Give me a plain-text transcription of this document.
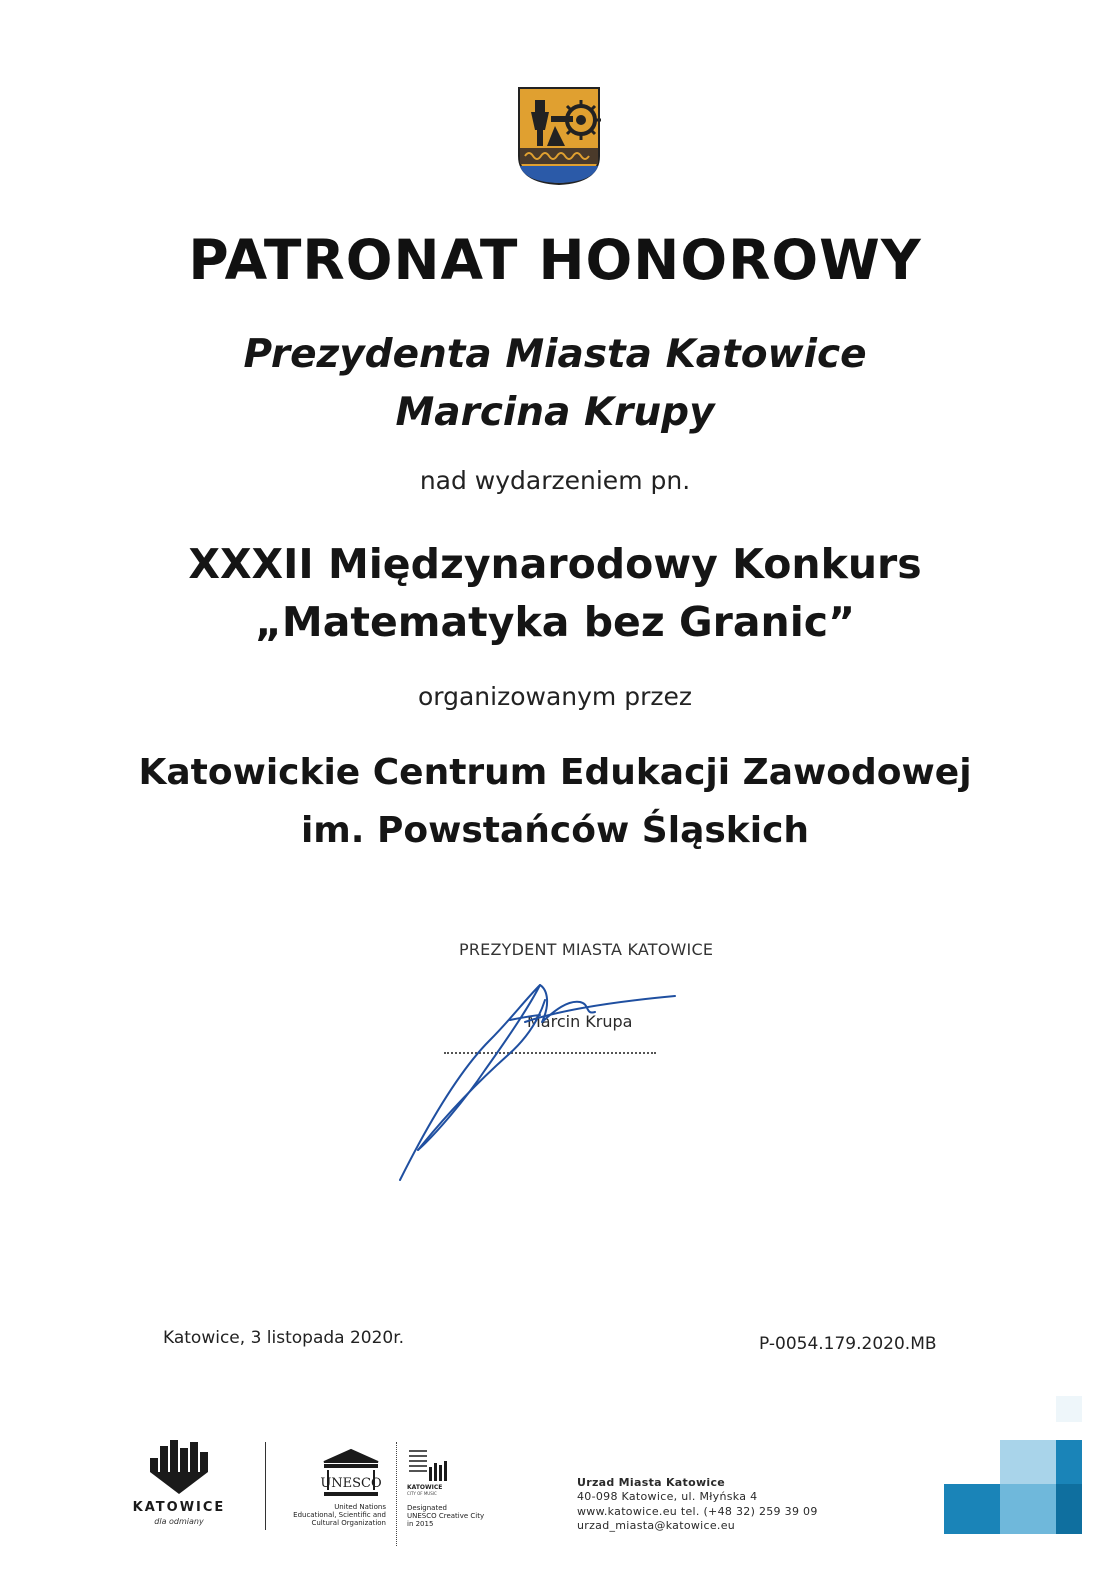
PATRONAT HONOROWY
Prezydenta Miasta Katowice
Marcina Krupy
nad wydarzeniem pn.
XXXII Międzynarodowy Konkurs
„Matematyka bez Granic”
organizowanym przez
Katowickie Centrum Edukacji Zawodowej
im. Powstańców Śląskich
PREZYDENT MIASTA KATOWICE
Marcin Krupa
Katowice, 3 listopada 2020r.	P-0054.179.2020.MB
KATOWICE
dla odmiany
UNESCO
United Nations
Educational, Scientific and
Cultural Organization
KATOWICE
CITY OF MUSIC
Designated
UNESCO Creative City
in 2015
Urzad Miasta Katowice
40-098 Katowice, ul. Młyńska 4
www.katowice.eu tel. (+48 32) 259 39 09
urzad_miasta@katowice.eu
